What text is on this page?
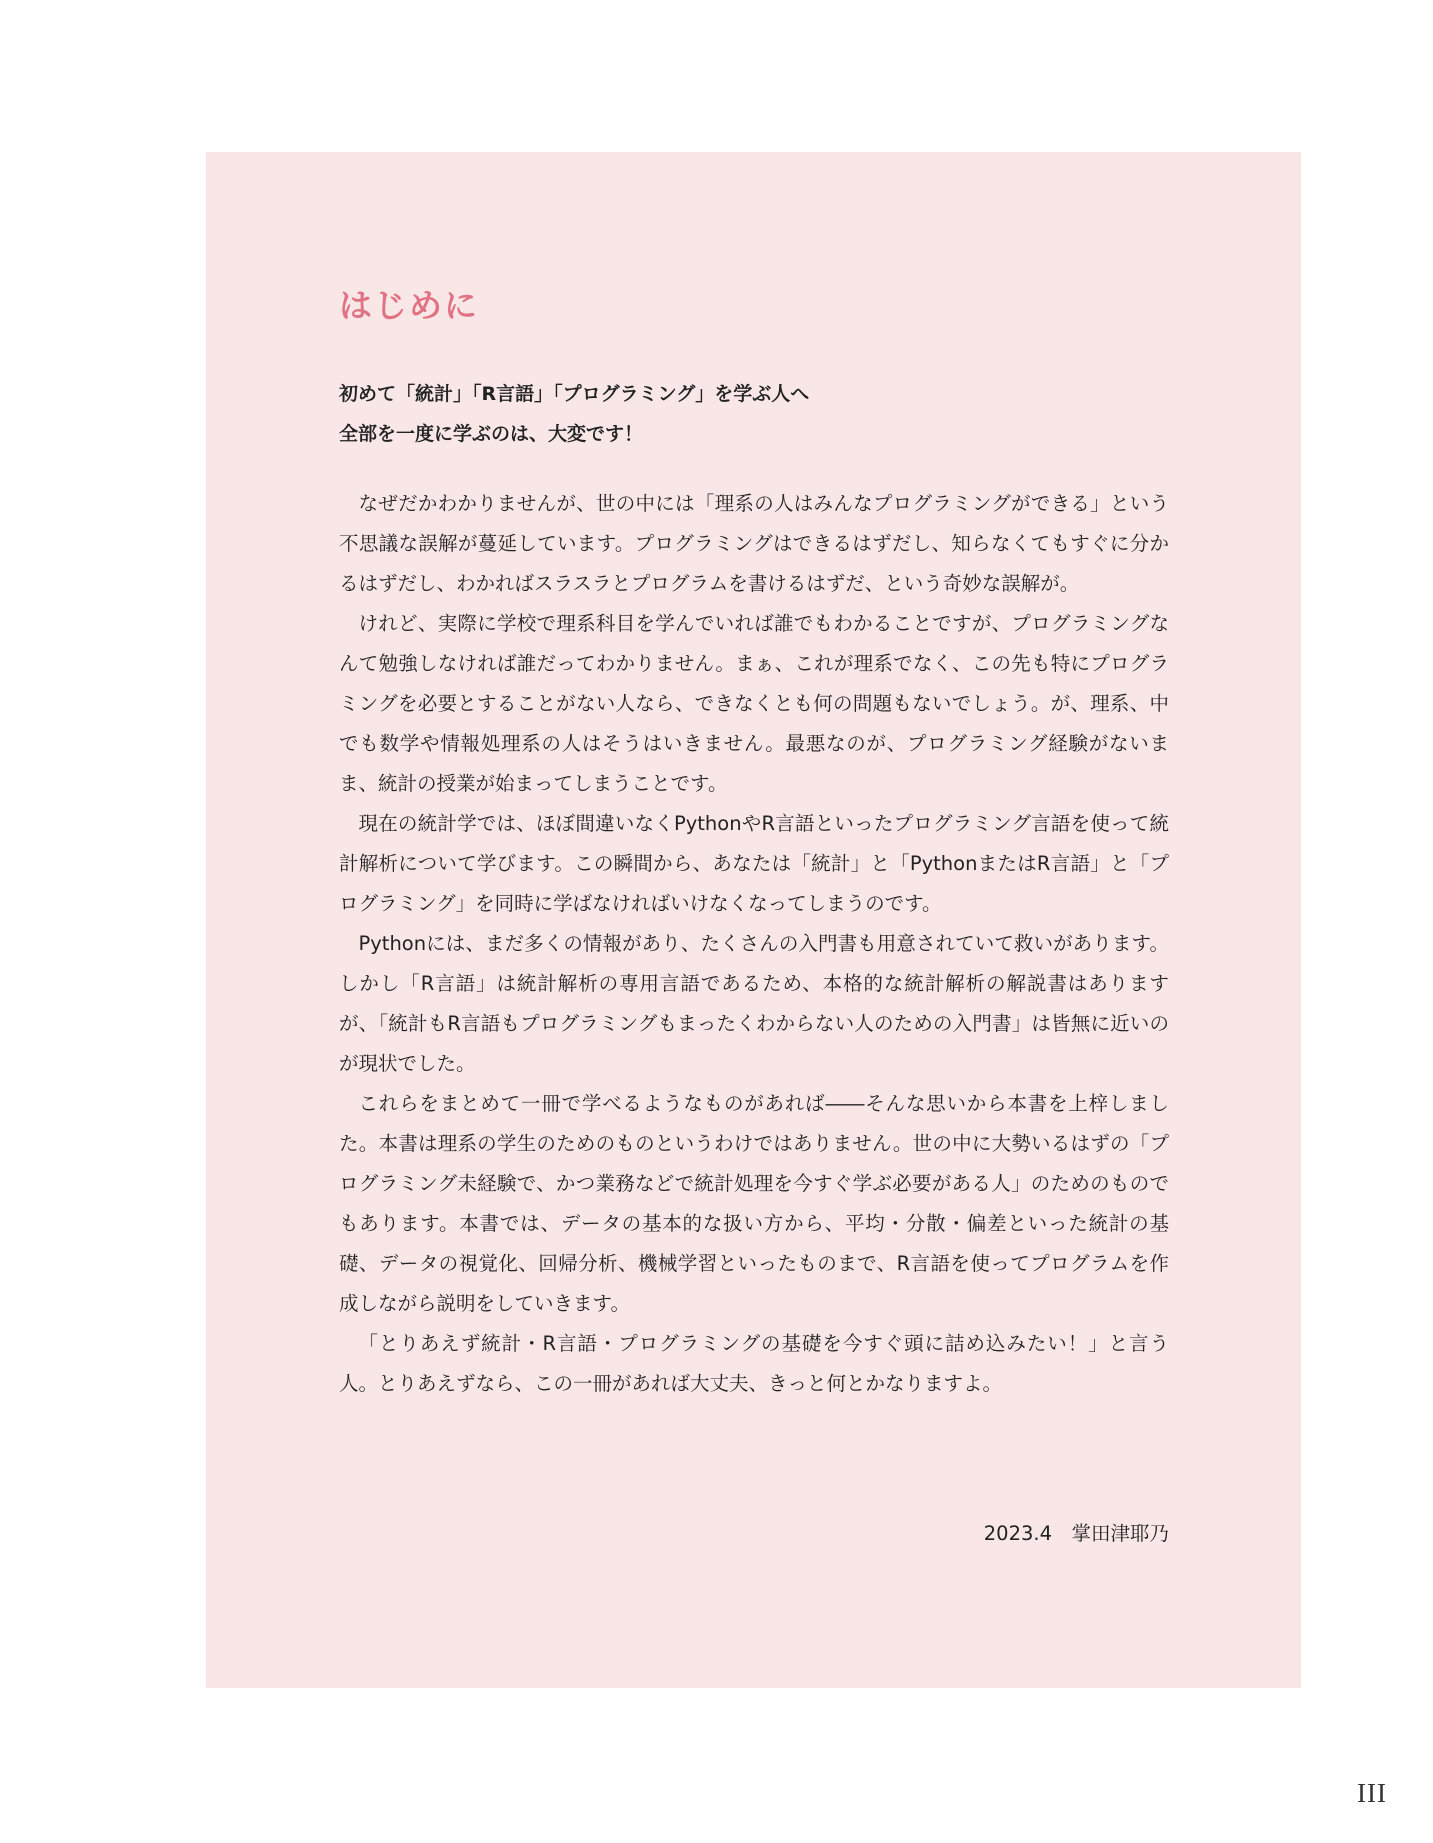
はじめに
初めて「統計」「R言語」「プログラミング」を学ぶ人へ
全部を一度に学ぶのは、大変です！

なぜだかわかりませんが、世の中には「理系の人はみんなプログラミングができる」という不思議な誤解が蔓延しています。プログラミングはできるはずだし、知らなくてもすぐに分かるはずだし、わかればスラスラとプログラムを書けるはずだ、という奇妙な誤解が。

けれど、実際に学校で理系科目を学んでいれば誰でもわかることですが、プログラミングなんて勉強しなければ誰だってわかりません。まぁ、これが理系でなく、この先も特にプログラミングを必要とすることがない人なら、できなくとも何の問題もないでしょう。が、理系、中でも数学や情報処理系の人はそうはいきません。最悪なのが、プログラミング経験がないまま、統計の授業が始まってしまうことです。

現在の統計学では、ほぼ間違いなくPythonやR言語といったプログラミング言語を使って統計解析について学びます。この瞬間から、あなたは「統計」と「PythonまたはR言語」と「プログラミング」を同時に学ばなければいけなくなってしまうのです。

Pythonには、まだ多くの情報があり、たくさんの入門書も用意されていて救いがあります。しかし「R言語」は統計解析の専用言語であるため、本格的な統計解析の解説書はありますが、「統計もR言語もプログラミングもまったくわからない人のための入門書」は皆無に近いのが現状でした。

これらをまとめて一冊で学べるようなものがあれば――そんな思いから本書を上梓しました。本書は理系の学生のためのものというわけではありません。世の中に大勢いるはずの「プログラミング未経験で、かつ業務などで統計処理を今すぐ学ぶ必要がある人」のためのものでもあります。本書では、データの基本的な扱い方から、平均・分散・偏差といった統計の基礎、データの視覚化、回帰分析、機械学習といったものまで、R言語を使ってプログラムを作成しながら説明をしていきます。

「とりあえず統計・R言語・プログラミングの基礎を今すぐ頭に詰め込みたい！」と言う人。とりあえずなら、この一冊があれば大丈夫、きっと何とかなりますよ。

2023.4　掌田津耶乃
III
